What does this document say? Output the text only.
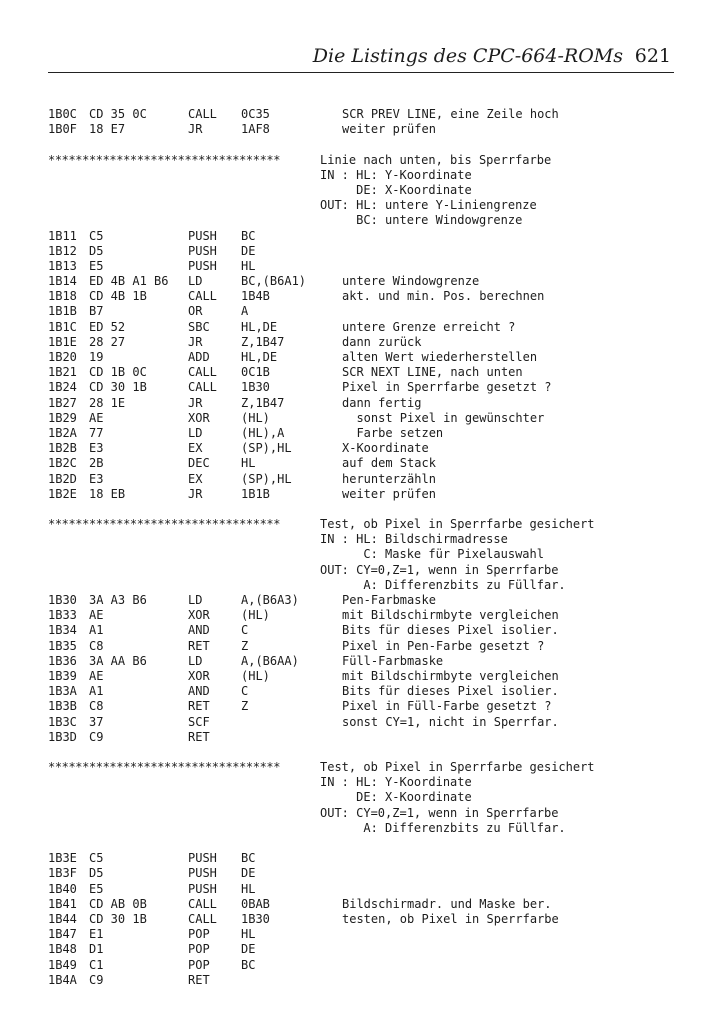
Die Listings des CPC-664-ROMs 621
1B0C CD 35 0C	CALL 0C35	SCR PREV LINE, eine Zeile hoch
1B0F 18 E7	JR	1AF8	weiter prüfen
**********************************	Linie nach unten, bis Sperrfarbe
IN : HL: Y-Koordinate
DE: X-Koordinate
OUT: HL: untere Y-Liniengrenze
BC: untere Windowgrenze
1B11 C5	PUSH BC
1B12 D5	PUSH DE
1B13 E5	PUSH HL
1B14 ED 4B A1 B6 LD	BC,(B6A1)	untere Windowgrenze
1B18 CD 4B 1B	CALL 1B4B	akt. und min. Pos. berechnen
1B1B B7	OR	A
1B1C ED 52	SBC	HL,DE	untere Grenze erreicht ?
1B1E 28 27	JR	Z,1B47	dann zurück
1B20 19	ADD	HL,DE	alten Wert wiederherstellen
1B21 CD 1B 0C	CALL 0C1B	SCR NEXT LINE, nach unten
1B24 CD 30 1B	CALL 1B30	Pixel in Sperrfarbe gesetzt ?
1B27 28 1E	JR	Z,1B47	dann fertig
1B29 AE	XOR	(HL)	sonst Pixel in gewünschter
1B2A 77	LD	(HL),A	Farbe setzen
1B2B E3	EX	(SP),HL	X-Koordinate
1B2C 2B	DEC	HL	auf dem Stack
1B2D E3	EX	(SP),HL	herunterzähln
1B2E 18 EB	JR	1B1B	weiter prüfen
**********************************	Test, ob Pixel in Sperrfarbe gesichert
IN : HL: Bildschirmadresse
C: Maske für Pixelauswahl
OUT: CY=0,Z=1, wenn in Sperrfarbe
A: Differenzbits zu Füllfar.
1B30 3A A3 B6	LD	A,(B6A3)	Pen-Farbmaske
1B33 AE	XOR	(HL)	mit Bildschirmbyte vergleichen
1B34 A1	AND	C	Bits für dieses Pixel isolier.
1B35 C8	RET	Z	Pixel in Pen-Farbe gesetzt ?
1B36 3A AA B6	LD	A,(B6AA)	Füll-Farbmaske
1B39 AE	XOR	(HL)	mit Bildschirmbyte vergleichen
1B3A A1	AND	C	Bits für dieses Pixel isolier.
1B3B C8	RET	Z	Pixel in Füll-Farbe gesetzt ?
1B3C 37	SCF	sonst CY=1, nicht in Sperrfar.
1B3D C9	RET
**********************************	Test, ob Pixel in Sperrfarbe gesichert
IN : HL: Y-Koordinate
DE: X-Koordinate
OUT: CY=0,Z=1, wenn in Sperrfarbe
A: Differenzbits zu Füllfar.
1B3E C5	PUSH BC
1B3F D5	PUSH DE
1B40 E5	PUSH HL
1B41 CD AB 0B	CALL 0BAB	Bildschirmadr. und Maske ber.
1B44 CD 30 1B	CALL 1B30	testen, ob Pixel in Sperrfarbe
1B47 E1	POP	HL
1B48 D1	POP	DE
1B49 C1	POP	BC
1B4A C9	RET
